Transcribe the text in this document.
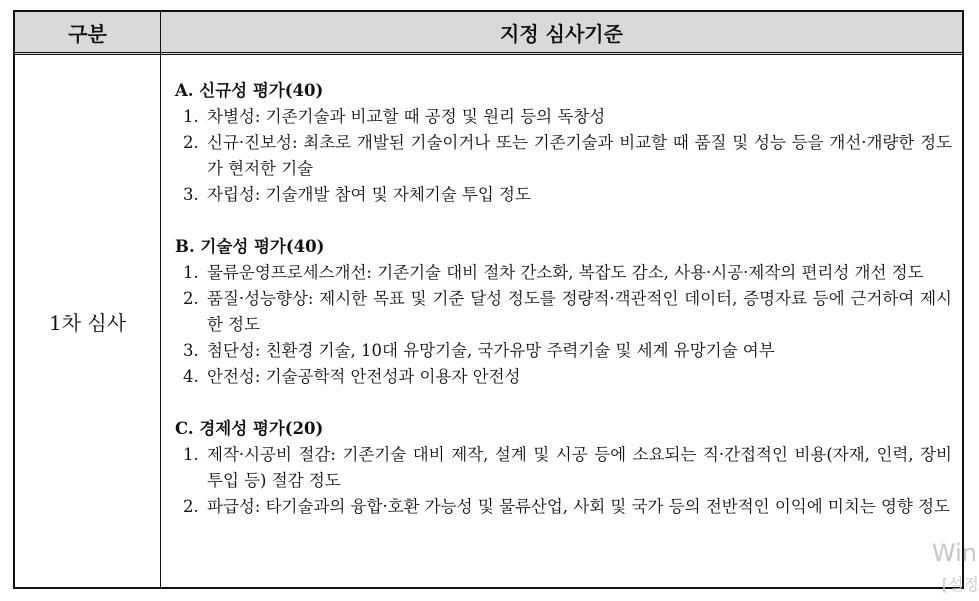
구분	지정 심사기준
1차 심사
A. 신규성 평가(40)
1. 차별성: 기존기술과 비교할 때 공정 및 원리 등의 독창성
2. 신규·진보성: 최초로 개발된 기술이거나 또는 기존기술과 비교할 때 품질 및 성능 등을 개선·개량한 정도가 현저한 기술
3. 자립성: 기술개발 참여 및 자체기술 투입 정도
B. 기술성 평가(40)
1. 물류운영프로세스개선: 기존기술 대비 절차 간소화, 복잡도 감소, 사용·시공·제작의 편리성 개선 정도
2. 품질·성능향상: 제시한 목표 및 기준 달성 정도를 정량적·객관적인 데이터, 증명자료 등에 근거하여 제시한 정도
3. 첨단성: 친환경 기술, 10대 유망기술, 국가유망 주력기술 및 세계 유망기술 여부
4. 안전성: 기술공학적 안전성과 이용자 안전성
C. 경제성 평가(20)
1. 제작·시공비 절감: 기존기술 대비 제작, 설계 및 시공 등에 소요되는 직·간접적인 비용(자재, 인력, 장비 투입 등) 절감 정도
2. 파급성: 타기술과의 융합·호환 가능성 및 물류산업, 사회 및 국가 등의 전반적인 이익에 미치는 영향 정도
Win
[설정
